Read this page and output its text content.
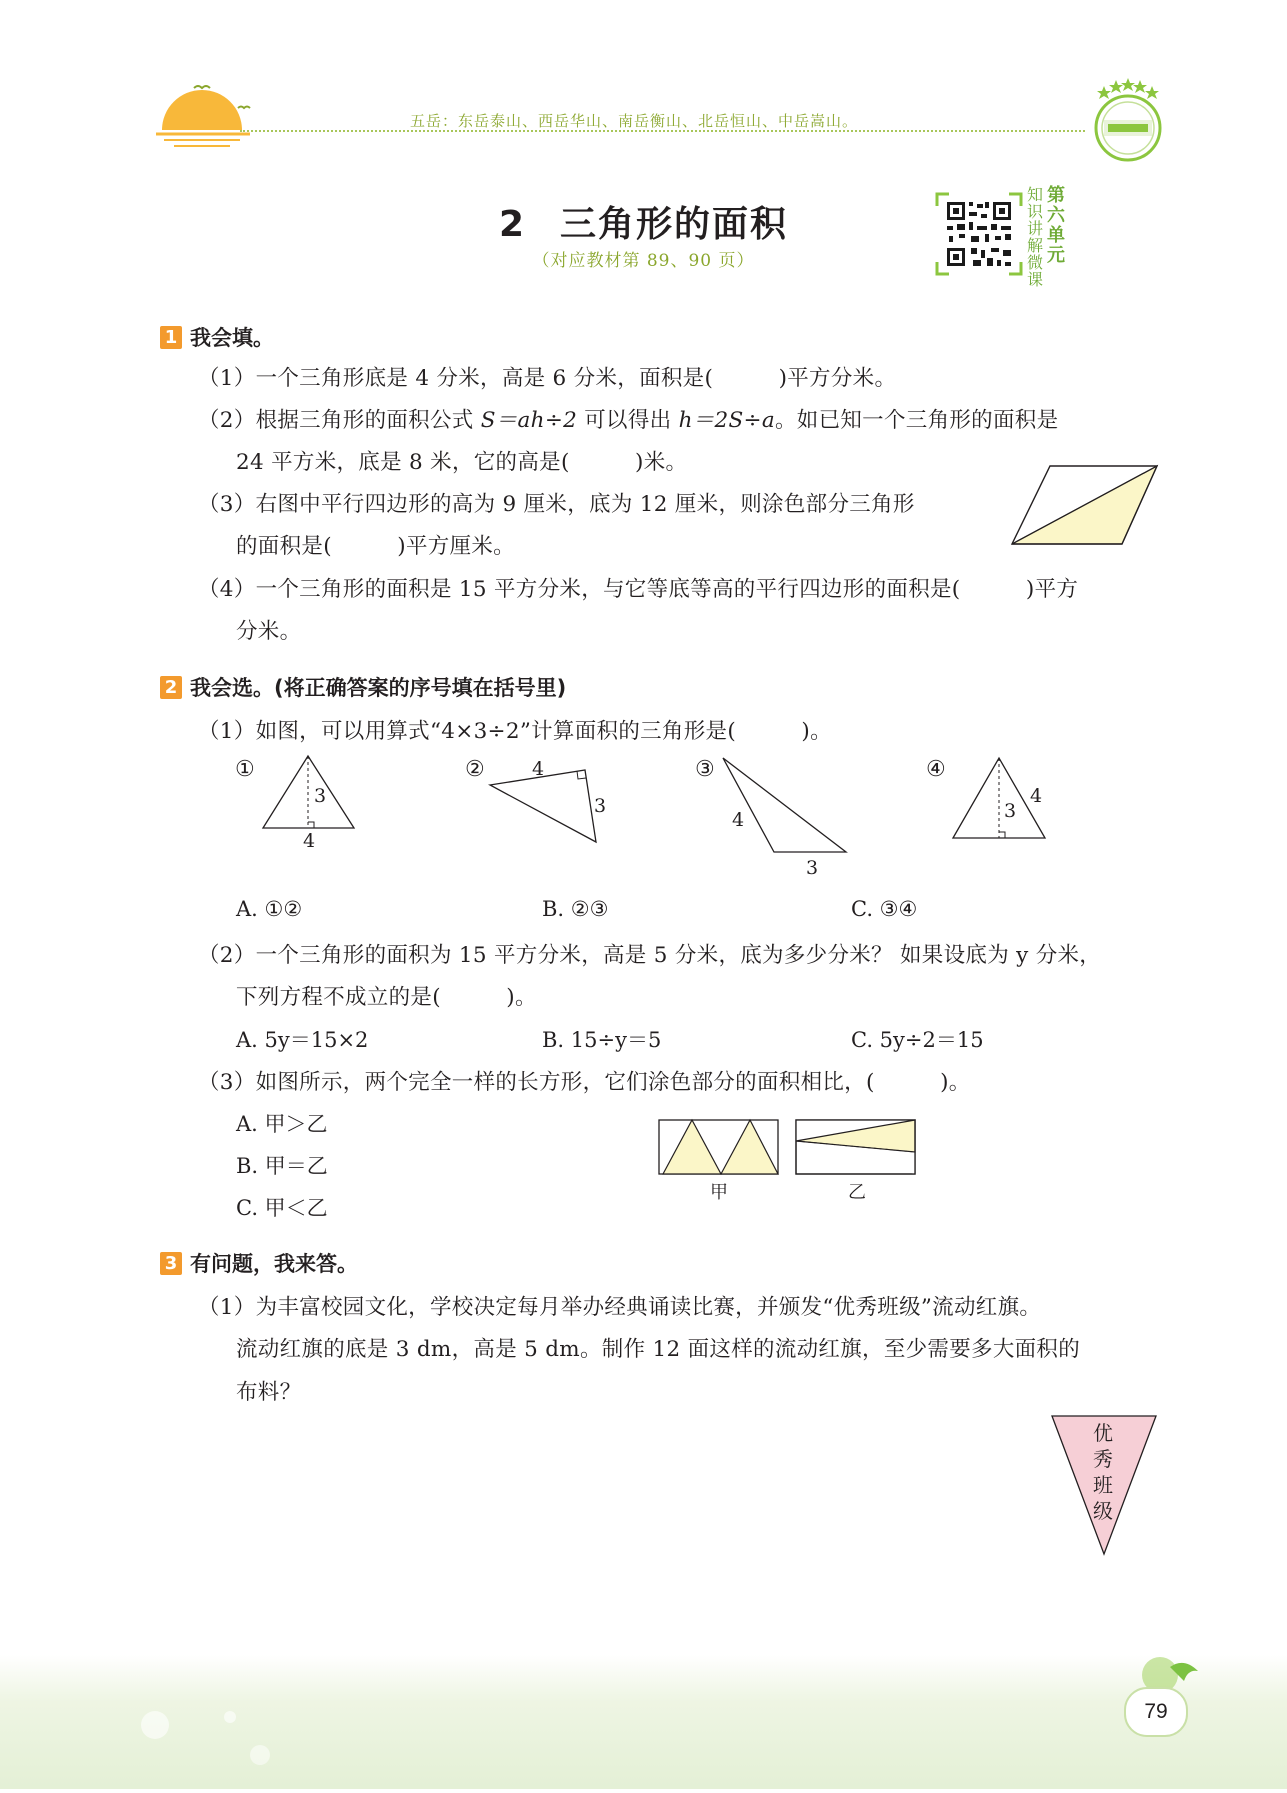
五岳：东岳泰山、西岳华山、南岳衡山、北岳恒山、中岳嵩山。
2 三角形的面积
（对应教材第 89、90 页）
知识讲解微课
第六单元
1 我会填。
（1）一个三角形底是 4 分米，高是 6 分米，面积是(　　　)平方分米。
（2）根据三角形的面积公式 S＝ah÷2 可以得出 h＝2S÷a。如已知一个三角形的面积是
24 平方米，底是 8 米，它的高是(　　　)米。
（3）右图中平行四边形的高为 9 厘米，底为 12 厘米，则涂色部分三角形
的面积是(　　　)平方厘米。
（4）一个三角形的面积是 15 平方分米，与它等底等高的平行四边形的面积是(　　　)平方
分米。
2 我会选。(将正确答案的序号填在括号里)
（1）如图，可以用算式“4×3÷2”计算面积的三角形是(　　　)。
①
3
4
② 4
3
③
4
3
④
3
4
A. ①②	B. ②③	C. ③④
（2）一个三角形的面积为 15 平方分米，高是 5 分米，底为多少分米？ 如果设底为 y 分米，
下列方程不成立的是(　　　)。
A. 5y＝15×2	B. 15÷y＝5	C. 5y÷2＝15
（3）如图所示，两个完全一样的长方形，它们涂色部分的面积相比，(　　　)。
A. 甲＞乙
B. 甲＝乙
C. 甲＜乙
甲	乙
3 有问题，我来答。
（1）为丰富校园文化，学校决定每月举办经典诵读比赛，并颁发“优秀班级”流动红旗。
流动红旗的底是 3 dm，高是 5 dm。制作 12 面这样的流动红旗，至少需要多大面积的
布料？
优
秀
班
级
79
